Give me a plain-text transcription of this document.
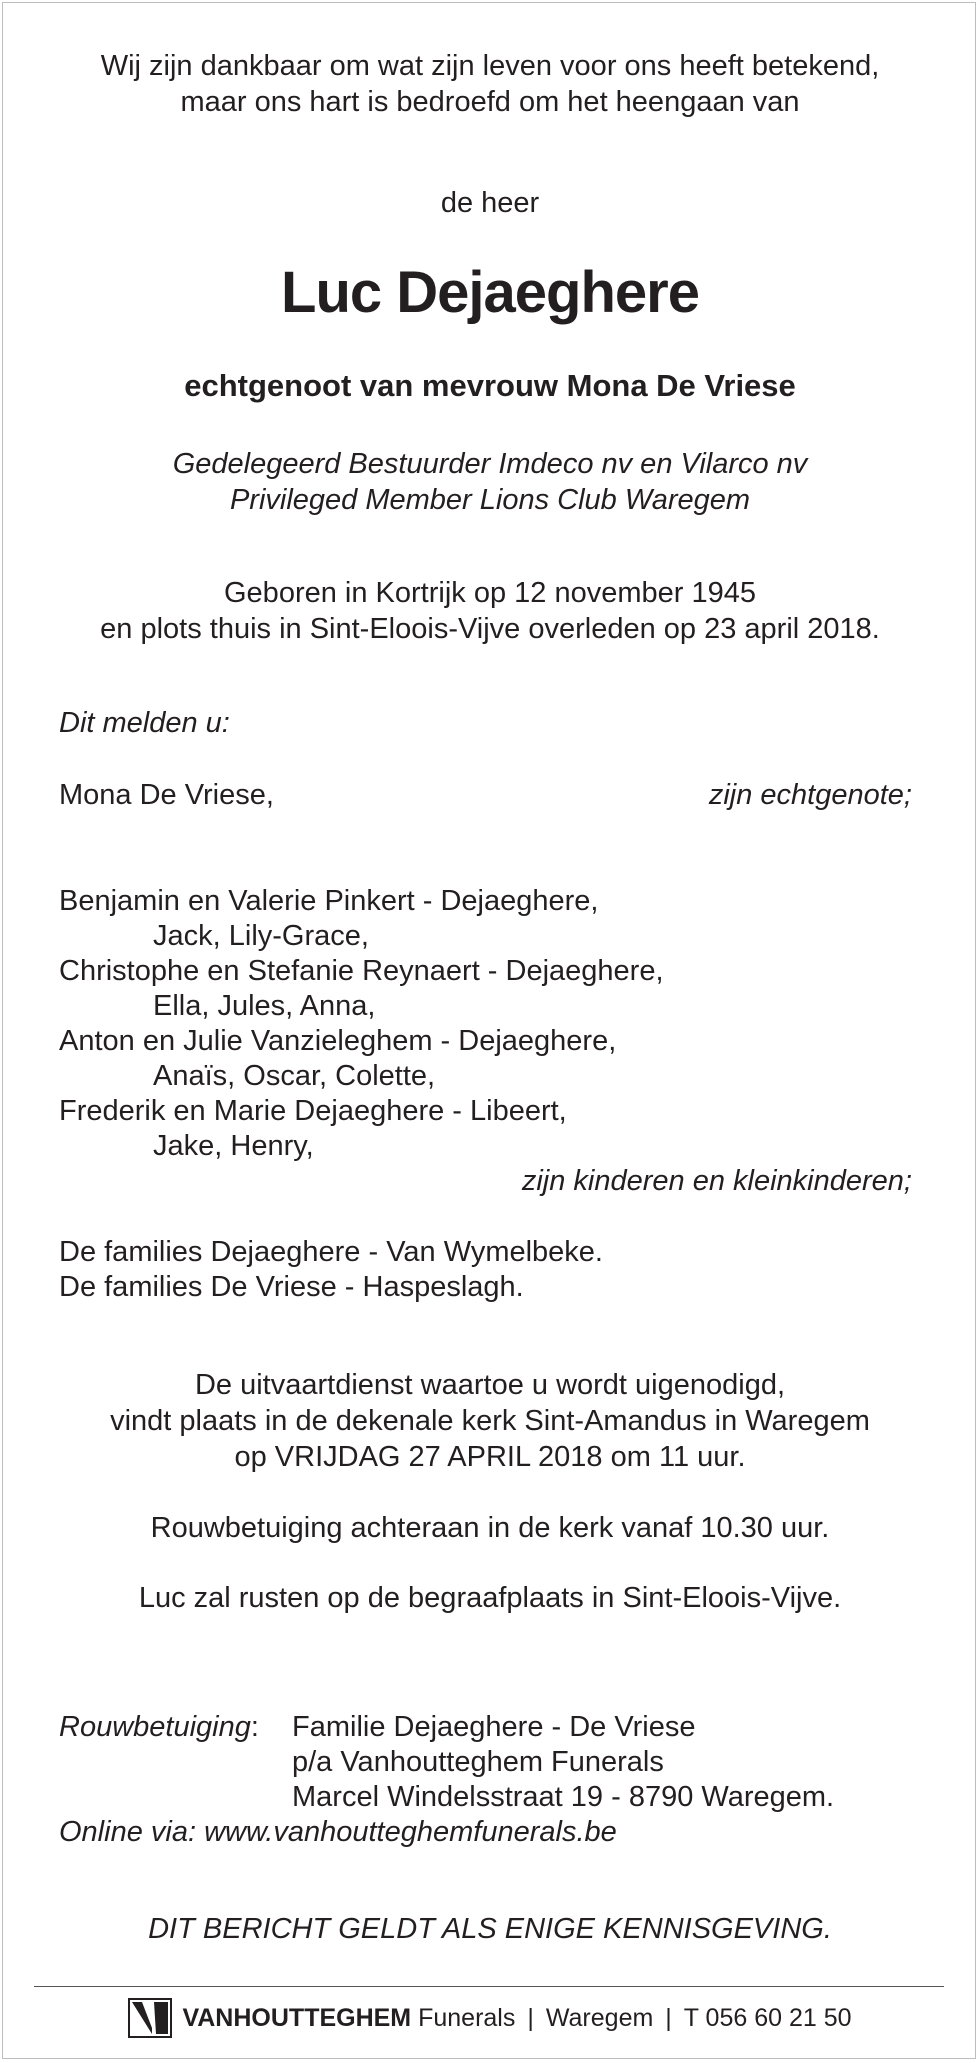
Wij zijn dankbaar om wat zijn leven voor ons heeft betekend,
maar ons hart is bedroefd om het heengaan van
de heer
Luc Dejaeghere
echtgenoot van mevrouw Mona De Vriese
Gedelegeerd Bestuurder Imdeco nv en Vilarco nv
Privileged Member Lions Club Waregem
Geboren in Kortrijk op 12 november 1945
en plots thuis in Sint-Eloois-Vijve overleden op 23 april 2018.
Dit melden u:
Mona De Vriese,	zijn echtgenote;
Benjamin en Valerie Pinkert - Dejaeghere,
Jack, Lily-Grace,
Christophe en Stefanie Reynaert - Dejaeghere,
Ella, Jules, Anna,
Anton en Julie Vanzieleghem - Dejaeghere,
Anaïs, Oscar, Colette,
Frederik en Marie Dejaeghere - Libeert,
Jake, Henry,
zijn kinderen en kleinkinderen;
De families Dejaeghere - Van Wymelbeke.
De families De Vriese - Haspeslagh.
De uitvaartdienst waartoe u wordt uigenodigd,
vindt plaats in de dekenale kerk Sint-Amandus in Waregem
op VRIJDAG 27 APRIL 2018 om 11 uur.
Rouwbetuiging achteraan in de kerk vanaf 10.30 uur.
Luc zal rusten op de begraafplaats in Sint-Eloois-Vijve.
Rouwbetuiging: Familie Dejaeghere - De Vriese
p/a Vanhoutteghem Funerals
Marcel Windelsstraat 19 - 8790 Waregem.
Online via: www.vanhoutteghemfunerals.be
DIT BERICHT GELDT ALS ENIGE KENNISGEVING.
VANHOUTTEGHEM Funerals | Waregem | T 056 60 21 50
